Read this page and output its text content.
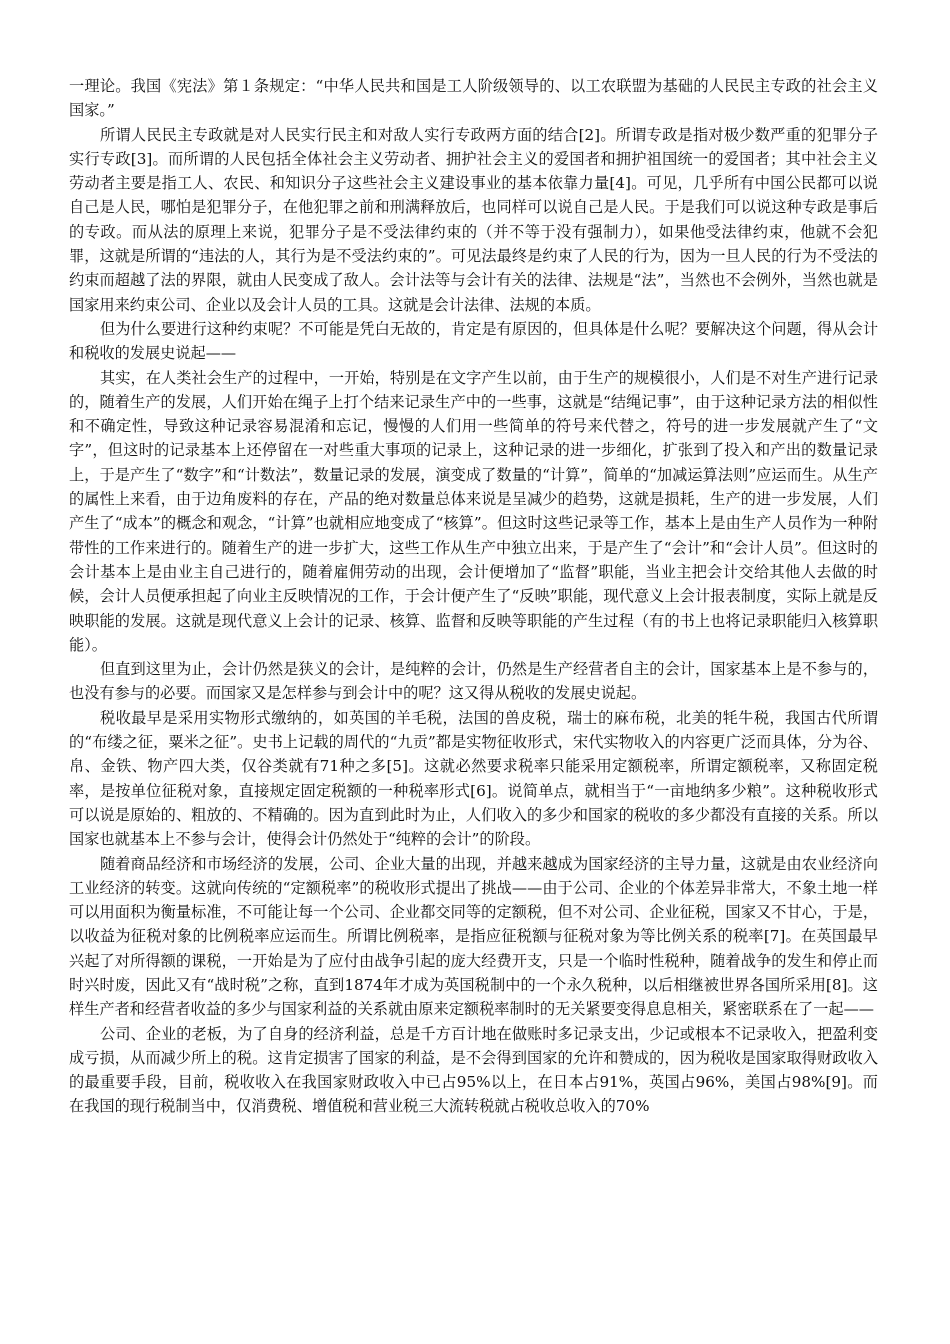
一理论。我国《宪法》第１条规定：“中华人民共和国是工人阶级领导的、以工农联盟为基础的人民民主专政的社会主义国家。”

所谓人民民主专政就是对人民实行民主和对敌人实行专政两方面的结合[2]。所谓专政是指对极少数严重的犯罪分子实行专政[3]。而所谓的人民包括全体社会主义劳动者、拥护社会主义的爱国者和拥护祖国统一的爱国者；其中社会主义劳动者主要是指工人、农民、和知识分子这些社会主义建设事业的基本依靠力量[4]。可见，几乎所有中国公民都可以说自己是人民，哪怕是犯罪分子，在他犯罪之前和刑满释放后，也同样可以说自己是人民。于是我们可以说这种专政是事后的专政。而从法的原理上来说，犯罪分子是不受法律约束的（并不等于没有强制力），如果他受法律约束，他就不会犯罪，这就是所谓的“违法的人，其行为是不受法约束的”。可见法最终是约束了人民的行为，因为一旦人民的行为不受法的约束而超越了法的界限，就由人民变成了敌人。会计法等与会计有关的法律、法规是“法”，当然也不会例外，当然也就是国家用来约束公司、企业以及会计人员的工具。这就是会计法律、法规的本质。

但为什么要进行这种约束呢？不可能是凭白无故的，肯定是有原因的，但具体是什么呢？要解决这个问题，得从会计和税收的发展史说起——

其实，在人类社会生产的过程中，一开始，特别是在文字产生以前，由于生产的规模很小，人们是不对生产进行记录的，随着生产的发展，人们开始在绳子上打个结来记录生产中的一些事，这就是“结绳记事”，由于这种记录方法的相似性和不确定性，导致这种记录容易混淆和忘记，慢慢的人们用一些简单的符号来代替之，符号的进一步发展就产生了“文字”，但这时的记录基本上还停留在一对些重大事项的记录上，这种记录的进一步细化，扩张到了投入和产出的数量记录上，于是产生了“数字”和“计数法”，数量记录的发展，演变成了数量的“计算”，简单的“加减运算法则”应运而生。从生产的属性上来看，由于边角废料的存在，产品的绝对数量总体来说是呈减少的趋势，这就是损耗，生产的进一步发展，人们产生了“成本”的概念和观念，“计算”也就相应地变成了“核算”。但这时这些记录等工作，基本上是由生产人员作为一种附带性的工作来进行的。随着生产的进一步扩大，这些工作从生产中独立出来，于是产生了“会计”和“会计人员”。但这时的会计基本上是由业主自己进行的，随着雇佣劳动的出现，会计便增加了“监督”职能，当业主把会计交给其他人去做的时候，会计人员便承担起了向业主反映情况的工作，于会计便产生了“反映”职能，现代意义上会计报表制度，实际上就是反映职能的发展。这就是现代意义上会计的记录、核算、监督和反映等职能的产生过程（有的书上也将记录职能归入核算职能）。

但直到这里为止，会计仍然是狭义的会计，是纯粹的会计，仍然是生产经营者自主的会计，国家基本上是不参与的，也没有参与的必要。而国家又是怎样参与到会计中的呢？这又得从税收的发展史说起。

税收最早是采用实物形式缴纳的，如英国的羊毛税，法国的兽皮税，瑞士的麻布税，北美的牦牛税，我国古代所谓的“布缕之征，粟米之征”。史书上记载的周代的“九贡”都是实物征收形式，宋代实物收入的内容更广泛而具体，分为谷、帛、金铁、物产四大类，仅谷类就有71种之多[5]。这就必然要求税率只能采用定额税率，所谓定额税率，又称固定税率，是按单位征税对象，直接规定固定税额的一种税率形式[6]。说简单点，就相当于“一亩地纳多少粮”。这种税收形式可以说是原始的、粗放的、不精确的。因为直到此时为止，人们收入的多少和国家的税收的多少都没有直接的关系。所以国家也就基本上不参与会计，使得会计仍然处于“纯粹的会计”的阶段。

随着商品经济和市场经济的发展，公司、企业大量的出现，并越来越成为国家经济的主导力量，这就是由农业经济向工业经济的转变。这就向传统的“定额税率”的税收形式提出了挑战——由于公司、企业的个体差异非常大，不象土地一样可以用面积为衡量标准，不可能让每一个公司、企业都交同等的定额税，但不对公司、企业征税，国家又不甘心，于是，以收益为征税对象的比例税率应运而生。所谓比例税率，是指应征税额与征税对象为等比例关系的税率[7]。在英国最早兴起了对所得额的课税，一开始是为了应付由战争引起的庞大经费开支，只是一个临时性税种，随着战争的发生和停止而时兴时废，因此又有“战时税”之称，直到1874年才成为英国税制中的一个永久税种，以后相继被世界各国所采用[8]。这样生产者和经营者收益的多少与国家利益的关系就由原来定额税率制时的无关紧要变得息息相关，紧密联系在了一起——

公司、企业的老板，为了自身的经济利益，总是千方百计地在做账时多记录支出，少记或根本不记录收入，把盈利变成亏损，从而减少所上的税。这肯定损害了国家的利益，是不会得到国家的允许和赞成的，因为税收是国家取得财政收入的最重要手段，目前，税收收入在我国家财政收入中已占95%以上，在日本占91%，英国占96%，美国占98%[9]。而在我国的现行税制当中，仅消费税、增值税和营业税三大流转税就占税收总收入的70%
